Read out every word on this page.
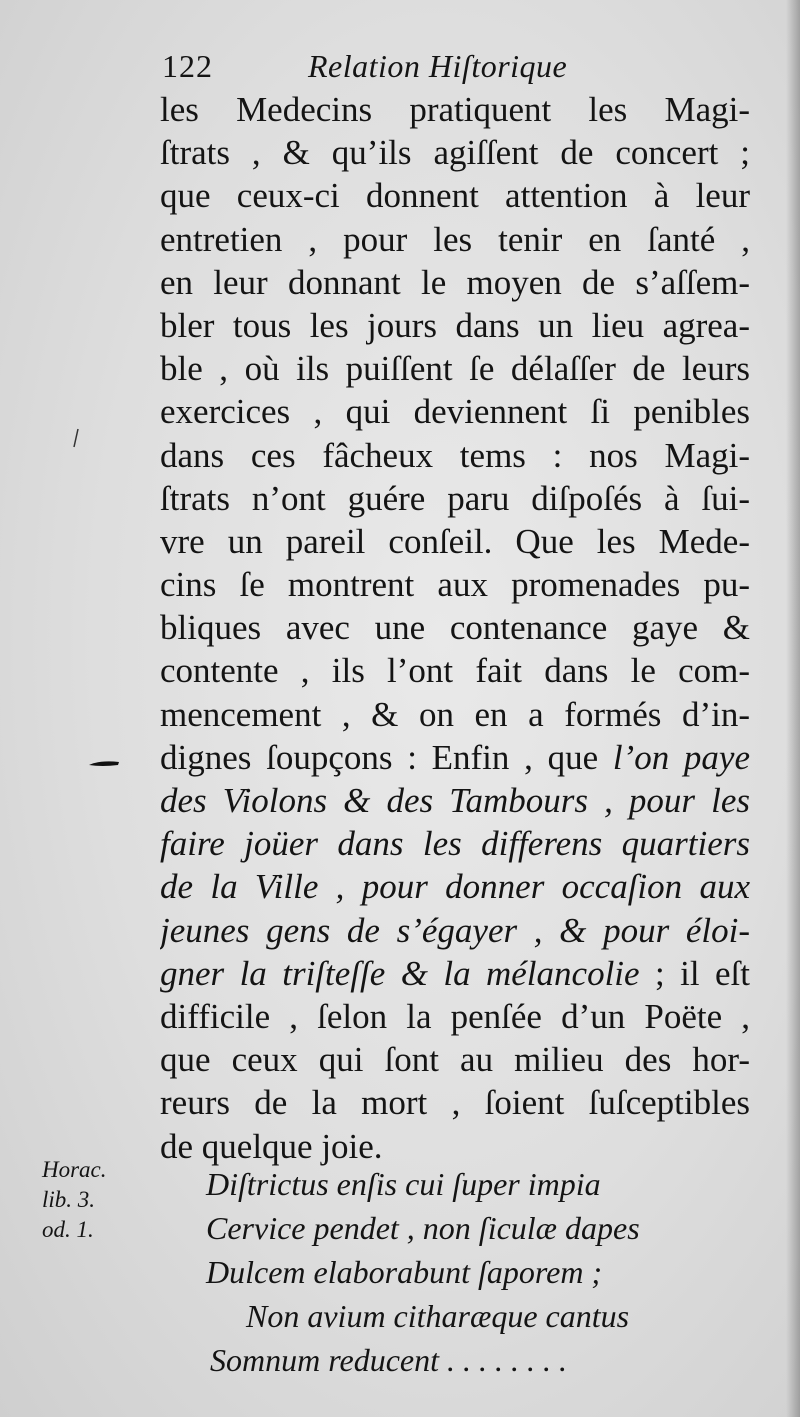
122	Relation Hiſtorique
les Medecins pratiquent les Magi-
ſtrats , & qu’ils agiſſent de concert ;
que ceux-ci donnent attention à leur
entretien , pour les tenir en ſanté ,
en leur donnant le moyen de s’aſſem-
bler tous les jours dans un lieu agrea-
ble , où ils puiſſent ſe délaſſer de leurs
exercices , qui deviennent ſi penibles
dans ces fâcheux tems : nos Magi-
ſtrats n’ont guére paru diſpoſés à ſui-
vre un pareil conſeil. Que les Mede-
cins ſe montrent aux promenades pu-
bliques avec une contenance gaye &
contente , ils l’ont fait dans le com-
mencement , & on en a formés d’in-
dignes ſoupçons : Enfin , que l’on paye
des Violons & des Tambours , pour les
faire joüer dans les differens quartiers
de la Ville , pour donner occaſion aux
jeunes gens de s’égayer , & pour éloi-
gner la triſteſſe & la mélancolie ; il eſt
difficile , ſelon la penſée d’un Poëte ,
que ceux qui ſont au milieu des hor-
reurs de la mort , ſoient ſuſceptibles
de quelque joie.
Horac.
lib. 3.
od. 1.
Diſtrictus enſis cui ſuper impia
Cervice pendet , non ſiculæ dapes
Dulcem elaborabunt ſaporem ;
Non avium citharæque cantus
Somnum reducent . . . . . . . .
